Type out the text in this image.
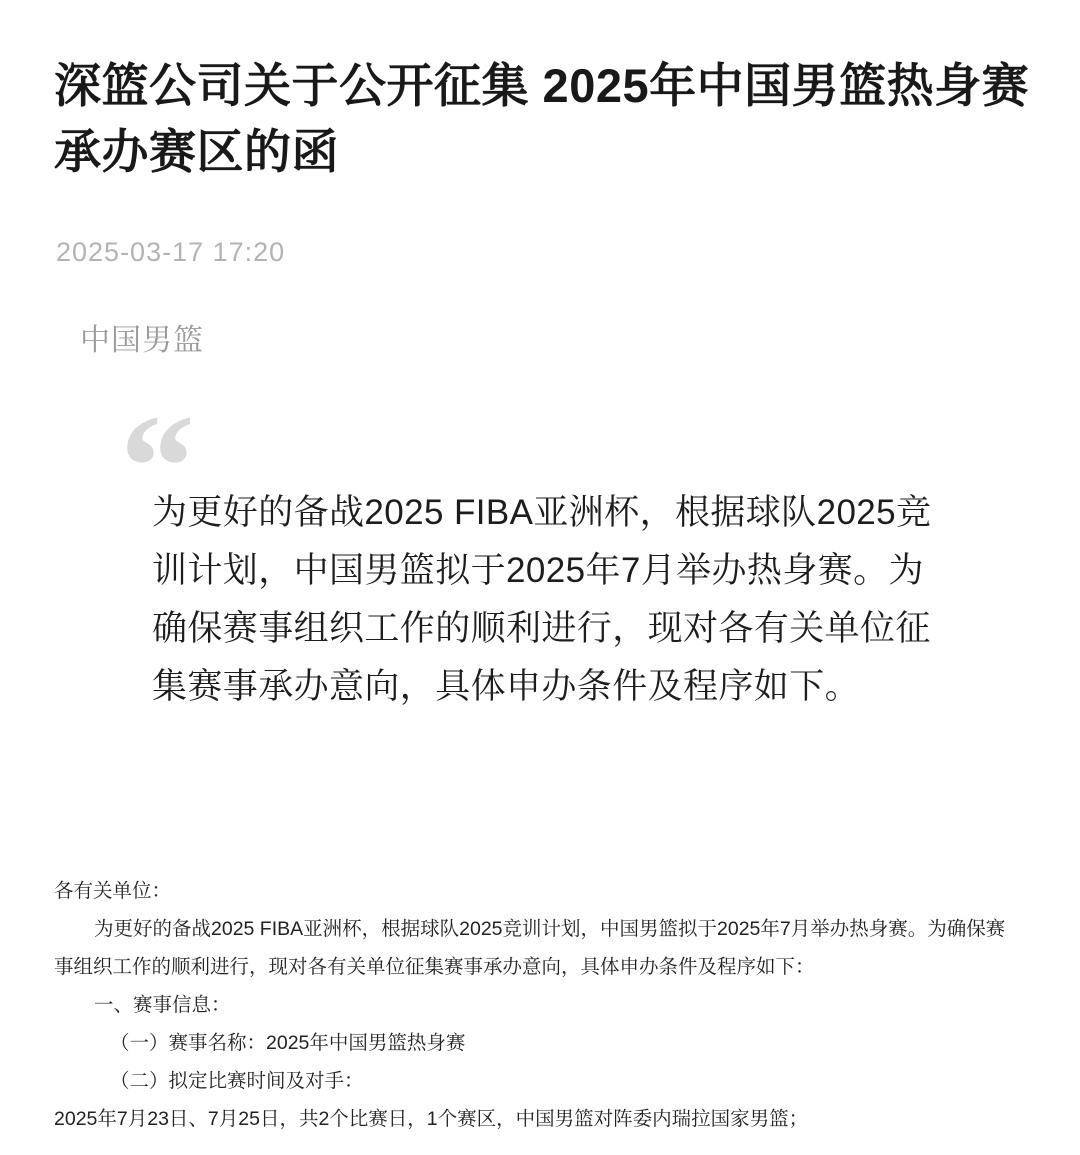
深篮公司关于公开征集 2025年中国男篮热身赛承办赛区的函
2025-03-17 17:20
中国男篮
“
为更好的备战2025 FIBA亚洲杯，根据球队2025竞训计划，中国男篮拟于2025年7月举办热身赛。为确保赛事组织工作的顺利进行，现对各有关单位征集赛事承办意向，具体申办条件及程序如下。

各有关单位：

为更好的备战2025 FIBA亚洲杯，根据球队2025竞训计划，中国男篮拟于2025年7月举办热身赛。为确保赛事组织工作的顺利进行，现对各有关单位征集赛事承办意向，具体申办条件及程序如下：

一、赛事信息：

（一）赛事名称：2025年中国男篮热身赛

（二）拟定比赛时间及对手：

2025年7月23日、7月25日，共2个比赛日，1个赛区，中国男篮对阵委内瑞拉国家男篮；
